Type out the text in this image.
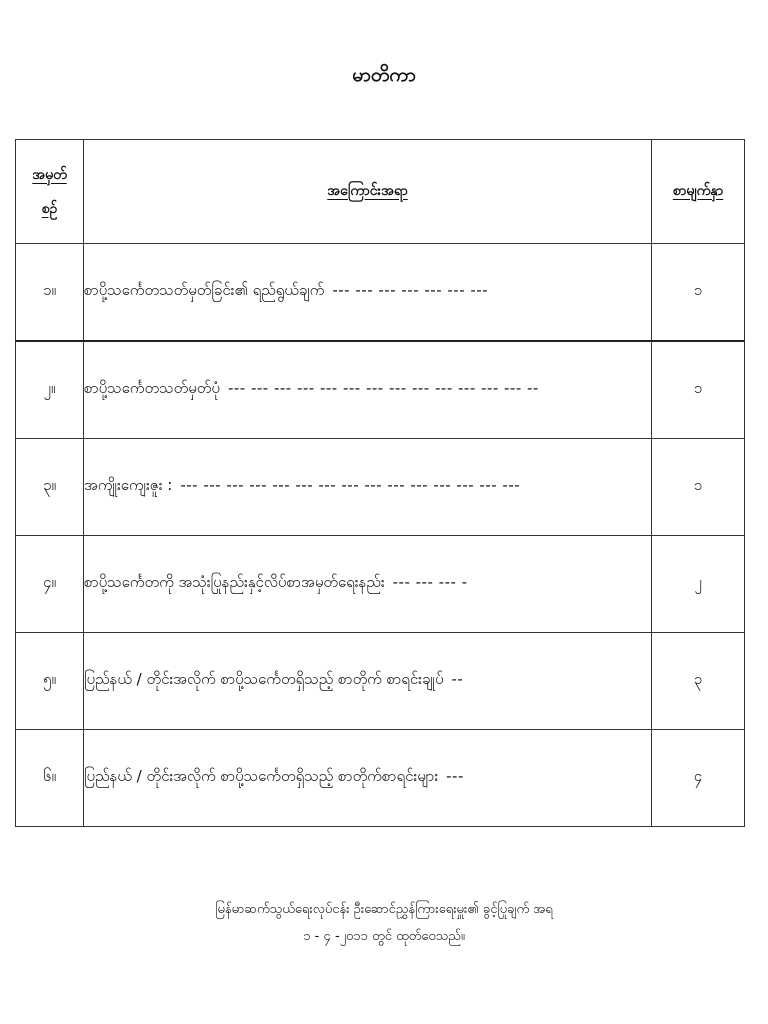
မာတိကာ
အမှတ်
စဉ်	အကြောင်းအရာ	စာမျက်နှာ
၁။	စာပို့သင်္ကေတသတ်မှတ်ခြင်း၏ ရည်ရွယ်ချက် --- --- --- --- --- --- ---	၁
၂။	စာပို့သင်္ကေတသတ်မှတ်ပုံ --- --- --- --- --- --- --- --- --- --- --- --- --- --	၁
၃။	အကျိုးကျေးဇူး : --- --- --- --- --- --- --- --- --- --- --- --- --- --- ---	၁
၄။	စာပို့သင်္ကေတကို အသုံးပြုနည်းနှင့်လိပ်စာအမှတ်ရေးနည်း --- --- --- -	၂
၅။	ပြည်နယ် / တိုင်းအလိုက် စာပို့သင်္ကေတရှိသည့် စာတိုက် စာရင်းချုပ် --	၃
၆။	ပြည်နယ် / တိုင်းအလိုက် စာပို့သင်္ကေတရှိသည့် စာတိုက်စာရင်းများ ---	၄
မြန်မာဆက်သွယ်ရေးလုပ်ငန်း ဦးဆောင်ညွှန်ကြားရေးမှူး၏ ခွင့်ပြုချက် အရ
၁ - ၄ -၂၀၁၁ တွင် ထုတ်ဝေသည်။
